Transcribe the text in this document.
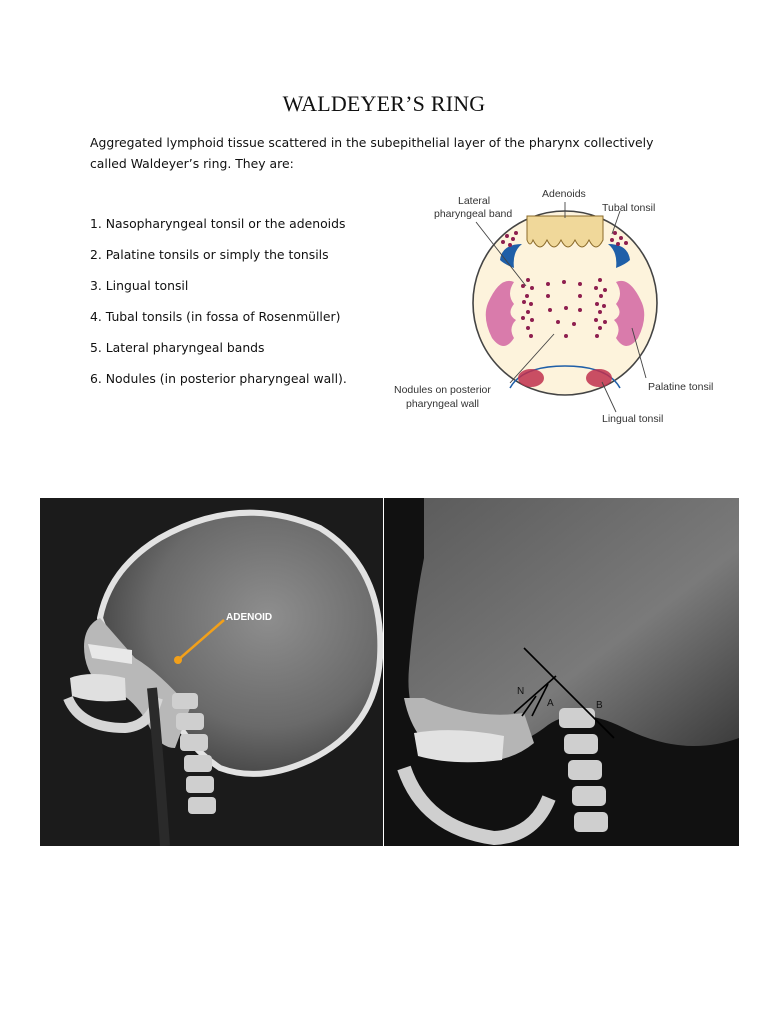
WALDEYER’S RING
Aggregated lymphoid tissue scattered in the subepithelial layer of the pharynx collectively called Waldeyer’s ring. They are:
1. Nasopharyngeal tonsil or the adenoids
2. Palatine tonsils or simply the tonsils
3. Lingual tonsil
4. Tubal tonsils (in fossa of Rosenmüller)
5. Lateral pharyngeal bands
6. Nodules (in posterior pharyngeal wall).
Adenoids
Lateral
pharyngeal band	Tubal tonsil
Nodules on posterior
pharyngeal wall
Palatine tonsil
Lingual tonsil
ADENOID
N
A	B
